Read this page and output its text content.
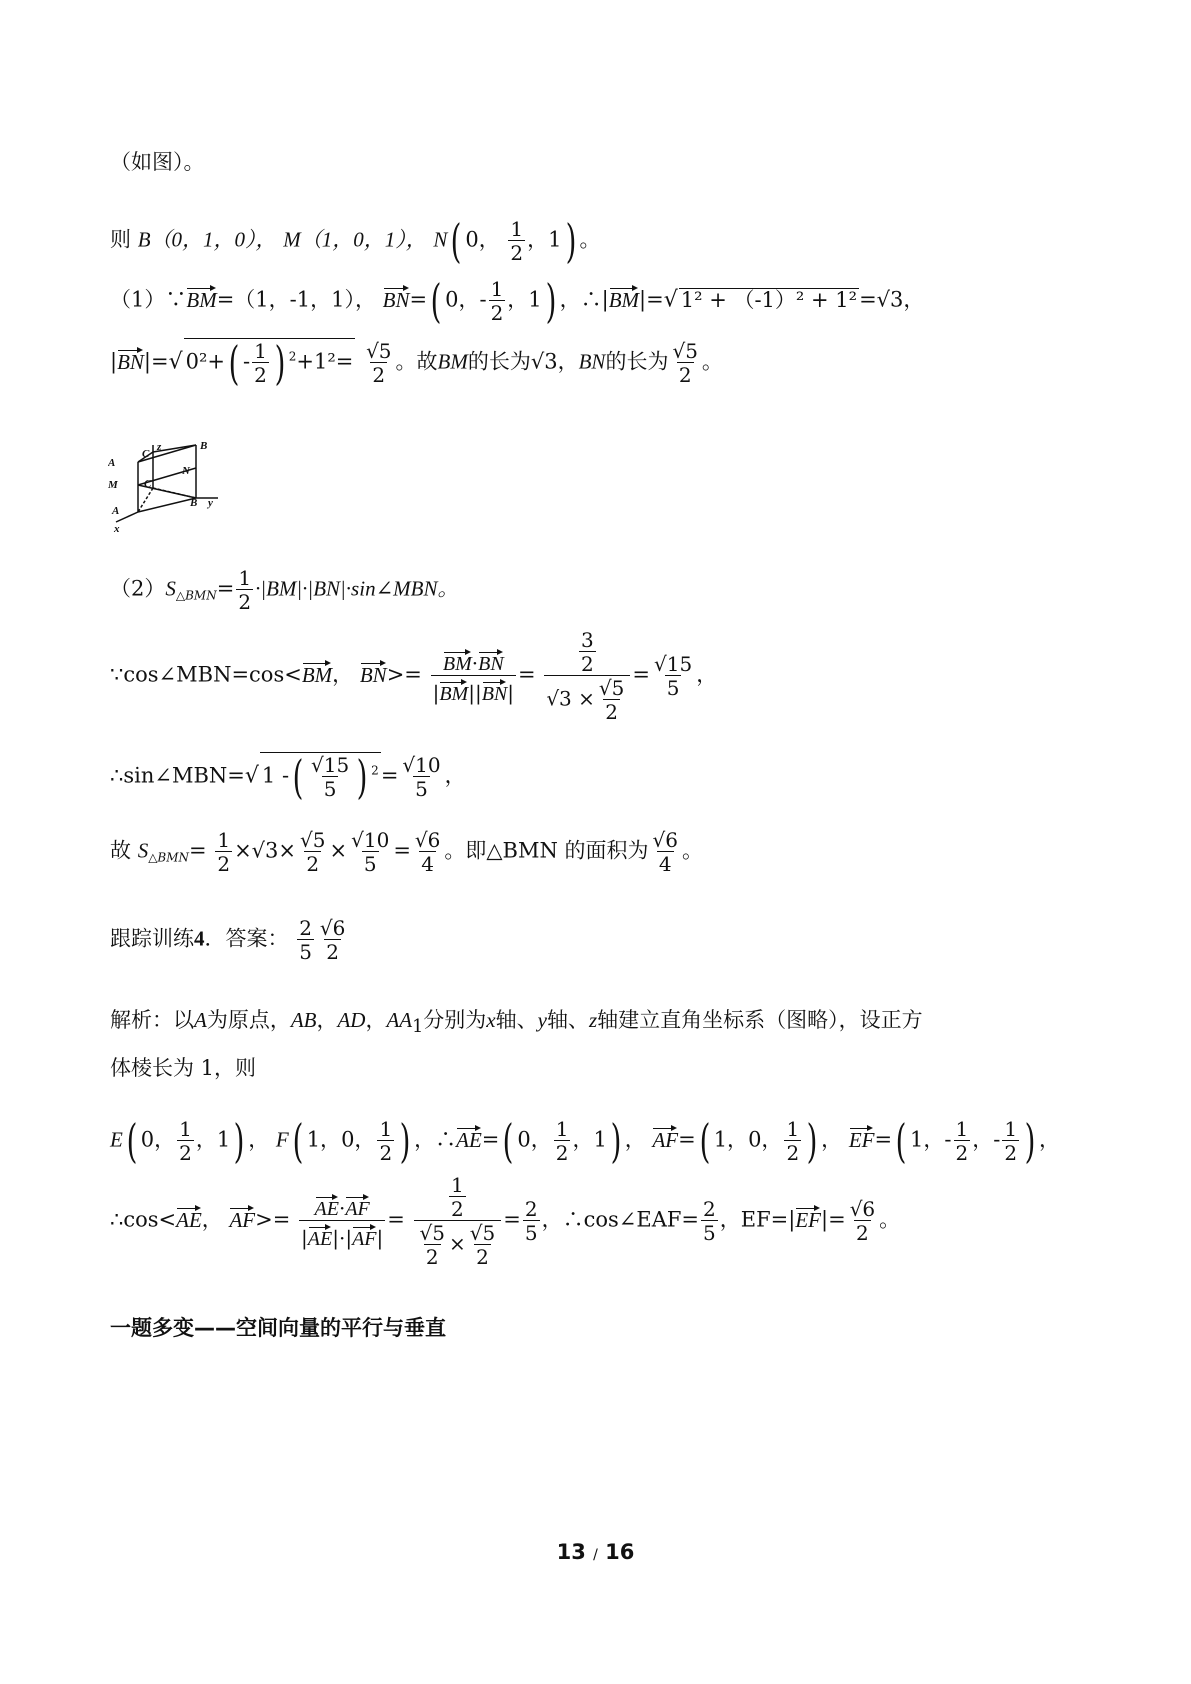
（如图）。
则 B（0，1，0）， M（1，0，1）， N( 0， $\frac{1}{2}$ ，1) 。
（1）∵BM=（1，-1，1）， BN=( 0，- $\frac{1}{2}$ ，1) ，∴|BM|=√ 1² + （-1）² + 1²=√3，
|BN|=√ $0^2+( - \frac{1}{2}$ ) $^2+1^2= \frac{√5}{2}$ 。故BM的长为√3，BN的长为 $\frac{√5}{2}$ 。
z
C
B
A
N
M C
B y
A
x
$(2)S_{\triangle BMN}= \frac{1}{2}$ ·|BM|·|BN|·sin∠MBN。
∵cos∠MBN=cos<BM， $BN>= \frac{BM\cdot BN}{|BM||BN|} = \frac{\frac{3}{2}}{√3 \times \frac{√5}{2}} = \frac{√15}{5}$ ，
∴sin∠MBN=√ 1 -( $\frac{√15}{5}$ ) $^2= \frac{√10}{5}$ ，
故 $S_{\triangle BMN}= \frac{1}{2} \times√3\times \frac{√5}{2} \times \frac{√10}{5} = \frac{√6}{4}$ 。即△BMN 的面积为 $\frac{√6}{4}$ 。
跟踪训练4．答案： $\frac{2}{5} \frac{√6}{2}$
解析：以A为原点，AB，AD，$AA_1$分别为x轴、y轴、z轴建立直角坐标系（图略），设正方
体棱长为 1，则
E( 0， $\frac{1}{2}$ ，1) ， F( 1，0， $\frac{1}{2}$ ) ，∴AE=( 0， $\frac{1}{2}$ ，1) ， AF=( 1，0， $\frac{1}{2}$ ) ， EF=( 1，- $\frac{1}{2}$ ，- $\frac{1}{2}$ ) ，
∴cos<AE， $AF>= \frac{AE\cdot AF}{|AE|\cdot|AF|} = \frac{\frac{1}{2}}{\frac{√5}{2} \times \frac{√5}{2}} = \frac{2}{5}$ ，∴cos∠EAF= $\frac{2}{5}$ ，$EF=|EF|= \frac{√6}{2}$ 。
一题多变——空间向量的平行与垂直
13 / 16
